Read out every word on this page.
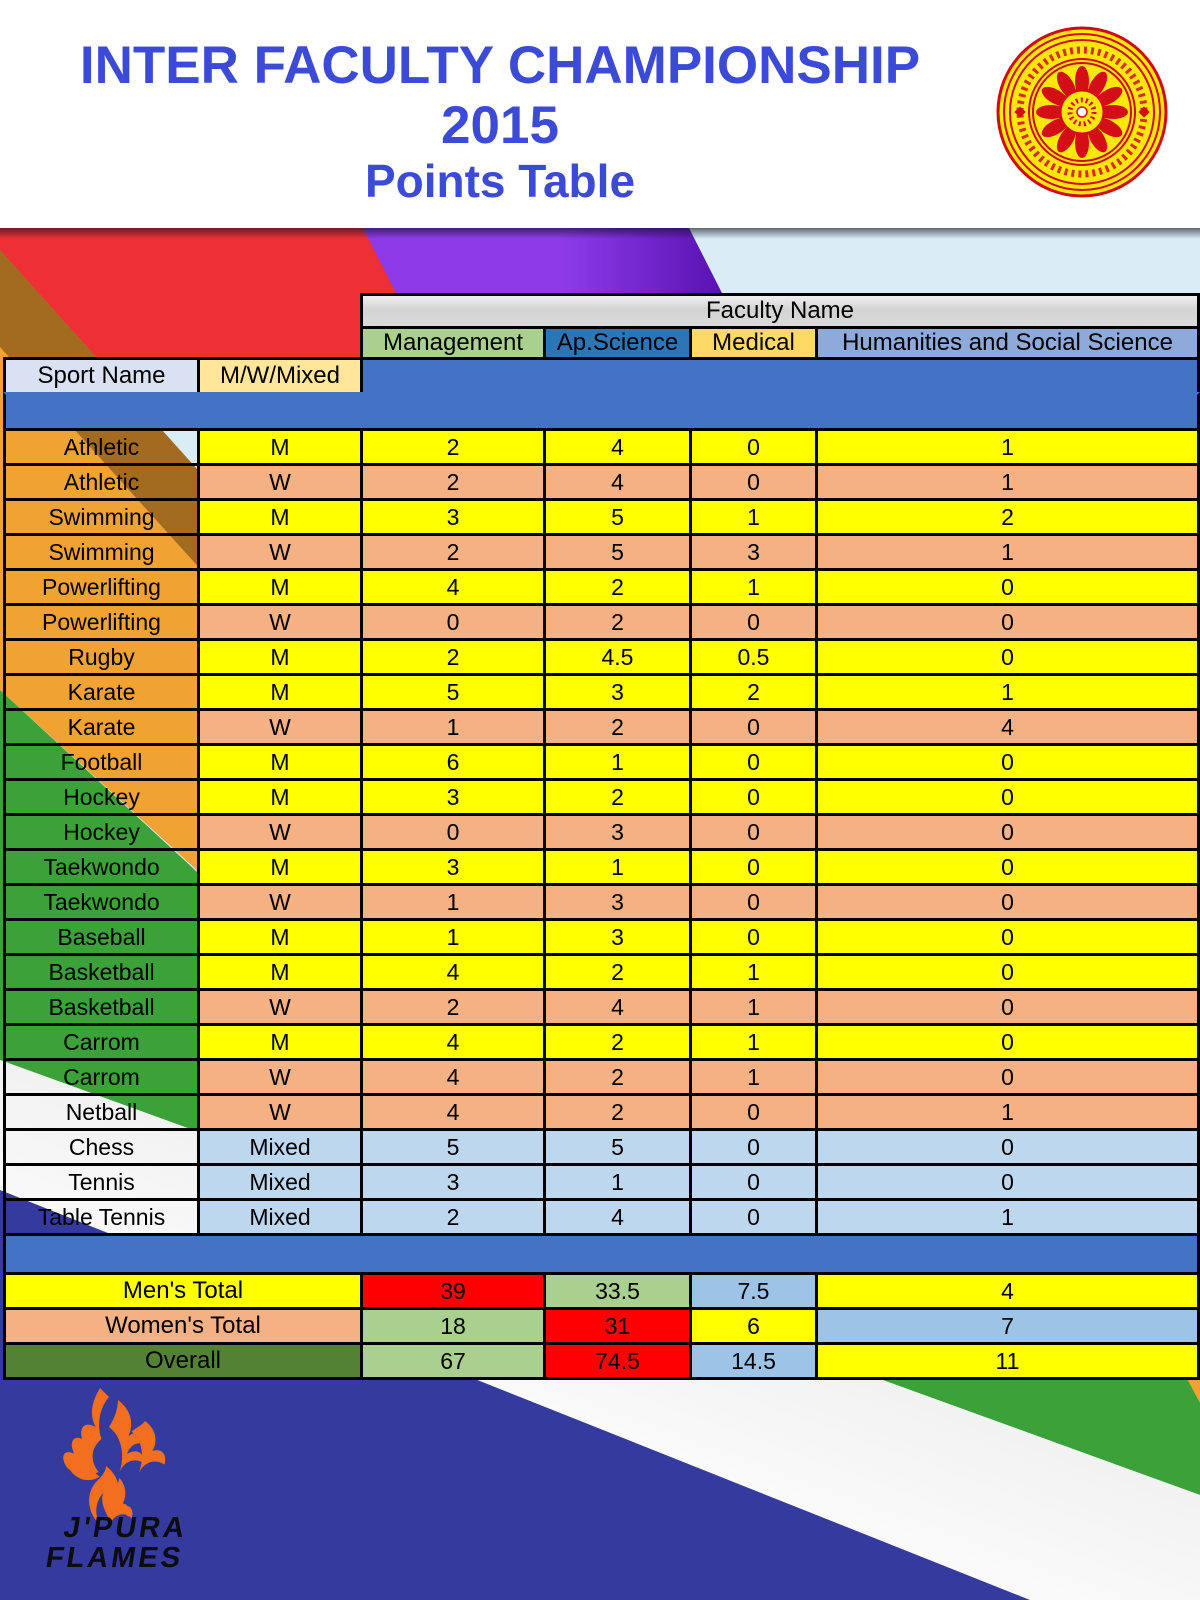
INTER FACULTY CHAMPIONSHIP 2015
Points Table
Faculty Name
Management	Ap.Science	Medical	Humanities and Social Science
Sport Name	M/W/Mixed
Athletic	M	2	4	0	1
Athletic	W	2	4	0	1
Swimming	M	3	5	1	2
Swimming	W	2	5	3	1
Powerlifting	M	4	2	1	0
Powerlifting	W	0	2	0	0
Rugby	M	2	4.5	0.5	0
Karate	M	5	3	2	1
Karate	W	1	2	0	4
Football	M	6	1	0	0
Hockey	M	3	2	0	0
Hockey	W	0	3	0	0
Taekwondo	M	3	1	0	0
Taekwondo	W	1	3	0	0
Baseball	M	1	3	0	0
Basketball	M	4	2	1	0
Basketball	W	2	4	1	0
Carrom	M	4	2	1	0
Carrom	W	4	2	1	0
Netball	W	4	2	0	1
Chess	Mixed	5	5	0	0
Tennis	Mixed	3	1	0	0
Table Tennis	Mixed	2	4	0	1
Men's Total	39	33.5	7.5	4
Women's Total	18	31	6	7
Overall	67	74.5	14.5	11
J'PURA
FLAMES
